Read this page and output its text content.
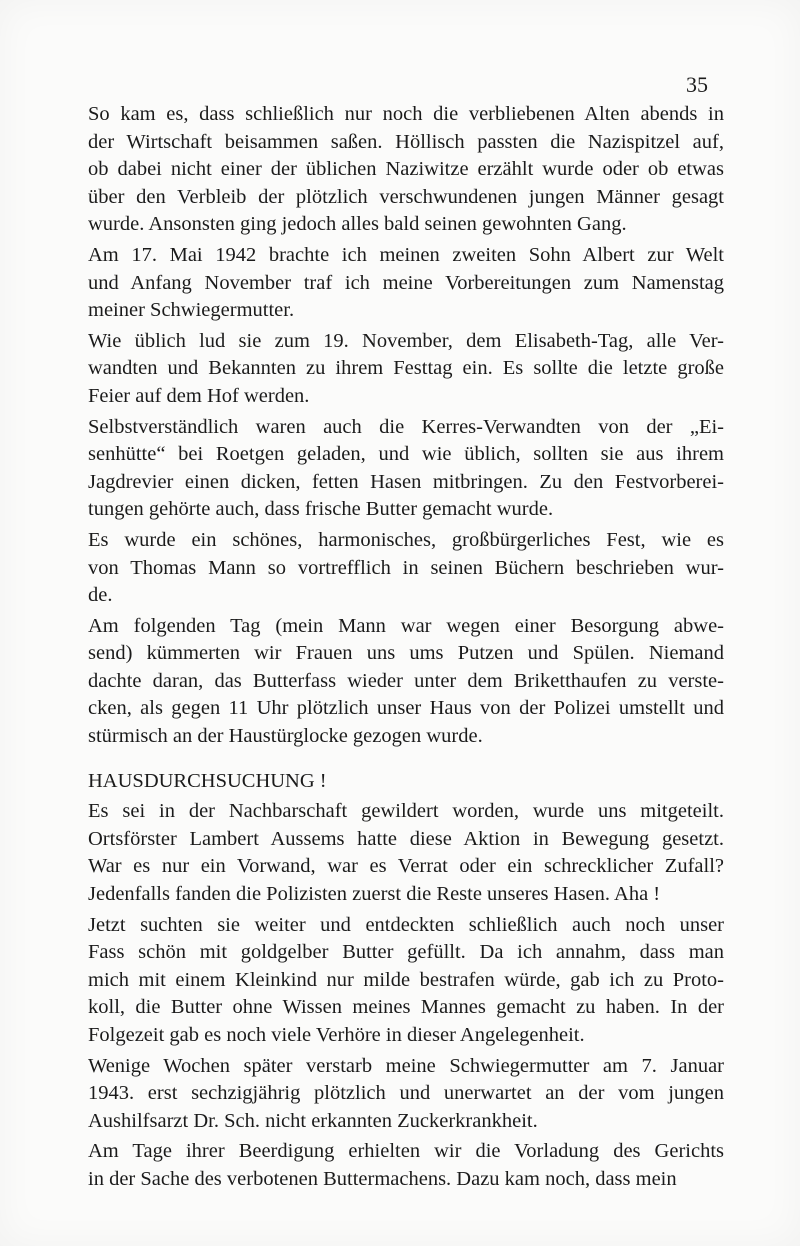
35
So kam es, dass schließlich nur noch die verbliebenen Alten abends in
der Wirtschaft beisammen saßen. Höllisch passten die Nazispitzel auf,
ob dabei nicht einer der üblichen Naziwitze erzählt wurde oder ob etwas
über den Verbleib der plötzlich verschwundenen jungen Männer gesagt
wurde. Ansonsten ging jedoch alles bald seinen gewohnten Gang.
Am 17. Mai 1942 brachte ich meinen zweiten Sohn Albert zur Welt
und Anfang November traf ich meine Vorbereitungen zum Namenstag
meiner Schwiegermutter.
Wie üblich lud sie zum 19. November, dem Elisabeth-Tag, alle Ver-
wandten und Bekannten zu ihrem Festtag ein. Es sollte die letzte große
Feier auf dem Hof werden.
Selbstverständlich waren auch die Kerres-Verwandten von der „Ei-
senhütte“ bei Roetgen geladen, und wie üblich, sollten sie aus ihrem
Jagdrevier einen dicken, fetten Hasen mitbringen. Zu den Festvorberei-
tungen gehörte auch, dass frische Butter gemacht wurde.
Es wurde ein schönes, harmonisches, großbürgerliches Fest, wie es
von Thomas Mann so vortrefflich in seinen Büchern beschrieben wur-
de.
Am folgenden Tag (mein Mann war wegen einer Besorgung abwe-
send) kümmerten wir Frauen uns ums Putzen und Spülen. Niemand
dachte daran, das Butterfass wieder unter dem Briketthaufen zu verste-
cken, als gegen 11 Uhr plötzlich unser Haus von der Polizei umstellt und
stürmisch an der Haustürglocke gezogen wurde.
HAUSDURCHSUCHUNG !
Es sei in der Nachbarschaft gewildert worden, wurde uns mitgeteilt.
Ortsförster Lambert Aussems hatte diese Aktion in Bewegung gesetzt.
War es nur ein Vorwand, war es Verrat oder ein schrecklicher Zufall?
Jedenfalls fanden die Polizisten zuerst die Reste unseres Hasen. Aha !
Jetzt suchten sie weiter und entdeckten schließlich auch noch unser
Fass schön mit goldgelber Butter gefüllt. Da ich annahm, dass man
mich mit einem Kleinkind nur milde bestrafen würde, gab ich zu Proto-
koll, die Butter ohne Wissen meines Mannes gemacht zu haben. In der
Folgezeit gab es noch viele Verhöre in dieser Angelegenheit.
Wenige Wochen später verstarb meine Schwiegermutter am 7. Januar
1943. erst sechzigjährig plötzlich und unerwartet an der vom jungen
Aushilfsarzt Dr. Sch. nicht erkannten Zuckerkrankheit.
Am Tage ihrer Beerdigung erhielten wir die Vorladung des Gerichts
in der Sache des verbotenen Buttermachens. Dazu kam noch, dass mein
